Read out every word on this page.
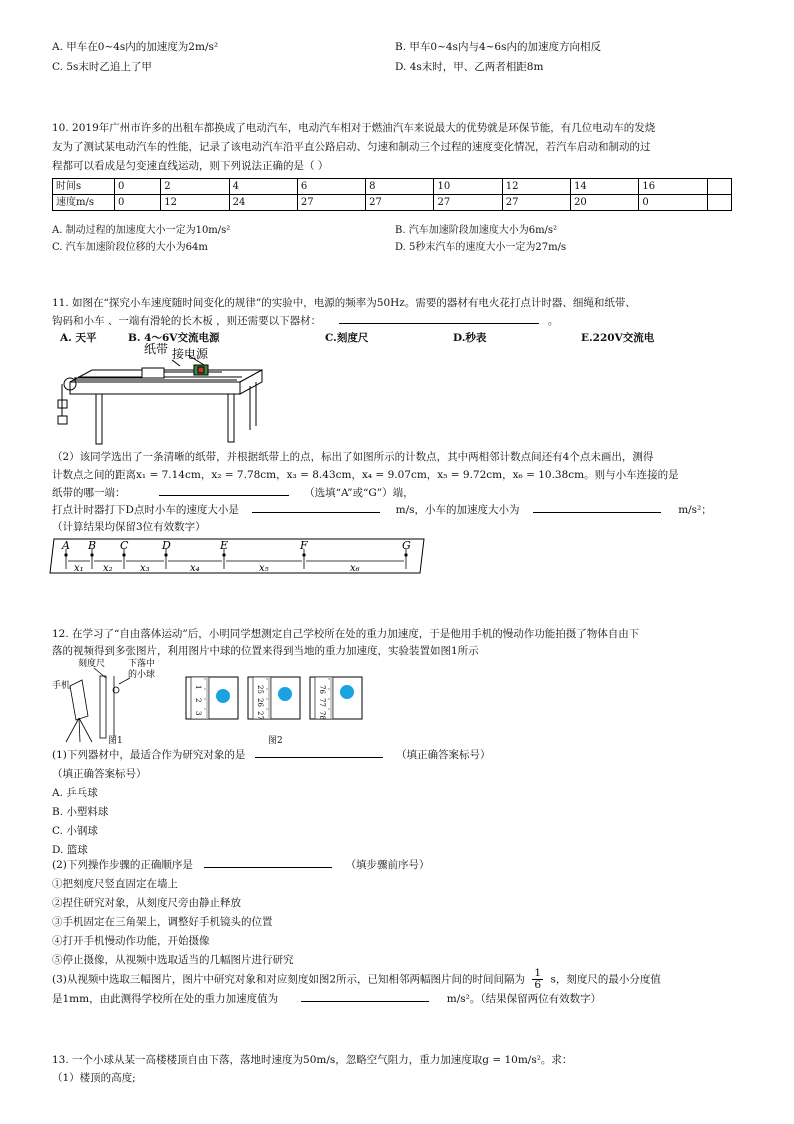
A. 甲车在0~4s内的加速度为2m/s²	B. 甲车0~4s内与4~6s内的加速度方向相反
C. 5s末时乙追上了甲	D. 4s末时，甲、乙两者相距8m
10. 2019年广州市许多的出租车都换成了电动汽车，电动汽车相对于燃油汽车来说最大的优势就是环保节能，有几位电动车的发烧
友为了测试某电动汽车的性能，记录了该电动汽车沿平直公路启动、匀速和制动三个过程的速度变化情况，若汽车启动和制动的过
程都可以看成是匀变速直线运动，则下列说法正确的是（ ）
时间s	0	2	4	6	8	10	12	14	16	
速度m/s	0	12	24	27	27	27	27	20	0	
A. 制动过程的加速度大小一定为10m/s²	B. 汽车加速阶段加速度大小为6m/s²
C. 汽车加速阶段位移的大小为64m	D. 5秒末汽车的速度大小一定为27m/s
11. 如图在“探究小车速度随时间变化的规律”的实验中，电源的频率为50Hz。需要的器材有电火花打点计时器、细绳和纸带、
钩码和小车 、一端有滑轮的长木板 ，则还需要以下器材：	。
A. 天平	B. 4～6V交流电源	C.刻度尺	D.秒表	E.220V交流电
纸带 接电源
（2）该同学选出了一条清晰的纸带，并根据纸带上的点，标出了如图所示的计数点，其中两相邻计数点间还有4个点未画出，测得
计数点之间的距离x₁ = 7.14cm，x₂ = 7.78cm，x₃ = 8.43cm，x₄ = 9.07cm，x₅ = 9.72cm，x₆ = 10.38cm。则与小车连接的是
纸带的哪一端：	（选填“A”或“G”）端，
打点计时器打下D点时小车的速度大小是	m/s，小车的加速度大小为	m/s²；
（计算结果均保留3位有效数字）
A B C	D	E	F	G
x₁ x₂	x₃	x₄	x₅	x₆
12. 在学习了“自由落体运动”后，小明同学想测定自己学校所在处的重力加速度，于是他用手机的慢动作功能拍摄了物体自由下
落的视频得到多张图片，利用图片中球的位置来得到当地的重力加速度，实验装置如图1所示
刻度尺	下落中
的小球
手机	1
2
3
25
26
27
76
77
78
图1	图2
(1)下列器材中，最适合作为研究对象的是	（填正确答案标号）
（填正确答案标号）
A. 乒乓球
B. 小塑料球
C. 小钢球
D. 篮球
(2)下列操作步骤的正确顺序是	（填步骤前序号）
①把刻度尺竖直固定在墙上
②捏住研究对象，从刻度尺旁由静止释放
③手机固定在三角架上，调整好手机镜头的位置
④打开手机慢动作功能，开始摄像
⑤停止摄像，从视频中选取适当的几幅图片进行研究
(3)从视频中选取三幅图片，图片中研究对象和对应刻度如图2所示，已知相邻两幅图片间的时间间隔为 $\frac{1}{6}$ s，刻度尺的最小分度值
是1mm，由此测得学校所在处的重力加速度值为	m/s²。（结果保留两位有效数字）
13. 一个小球从某一高楼楼顶自由下落，落地时速度为50m/s，忽略空气阻力，重力加速度取g = 10m/s²。求：
（1）楼顶的高度;
